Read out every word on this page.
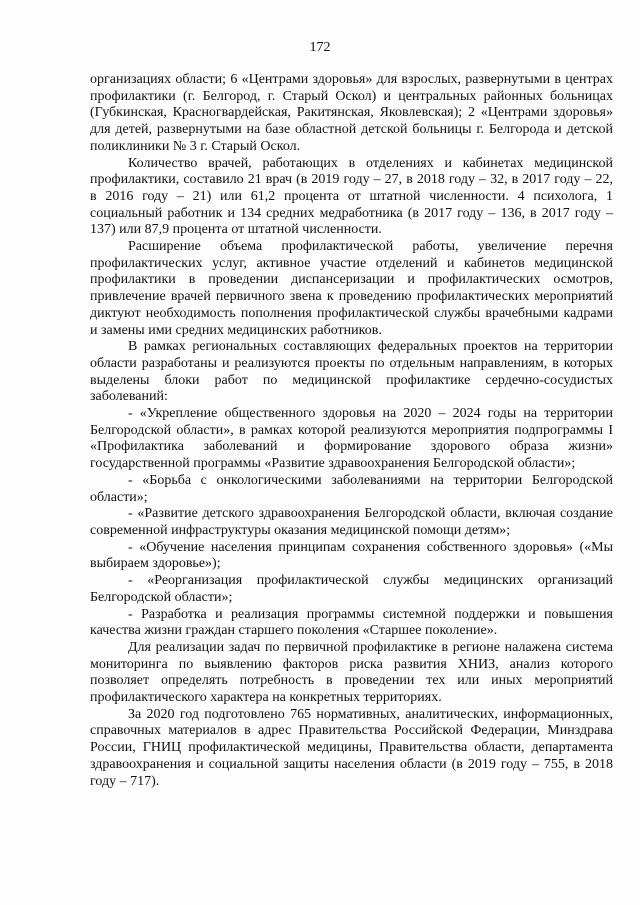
172

организациях области; 6 «Центрами здоровья» для взрослых, развернутыми в центрах профилактики (г. Белгород, г. Старый Оскол) и центральных районных больницах (Губкинская, Красногвардейская, Ракитянская, Яковлевская); 2 «Центрами здоровья» для детей, развернутыми на базе областной детской больницы г. Белгорода и детской поликлиники № 3 г. Старый Оскол.

Количество врачей, работающих в отделениях и кабинетах медицинской профилактики, составило 21 врач (в 2019 году – 27, в 2018 году – 32, в 2017 году – 22, в 2016 году – 21) или 61,2 процента от штатной численности. 4 психолога, 1 социальный работник и 134 средних медработника (в 2017 году – 136, в 2017 году – 137) или 87,9 процента от штатной численности.

Расширение объема профилактической работы, увеличение перечня профилактических услуг, активное участие отделений и кабинетов медицинской профилактики в проведении диспансеризации и профилактических осмотров, привлечение врачей первичного звена к проведению профилактических мероприятий диктуют необходимость пополнения профилактической службы врачебными кадрами и замены ими средних медицинских работников.

В рамках региональных составляющих федеральных проектов на территории области разработаны и реализуются проекты по отдельным направлениям, в которых выделены блоки работ по медицинской профилактике сердечно-сосудистых заболеваний:

- «Укрепление общественного здоровья на 2020 – 2024 годы на территории Белгородской области», в рамках которой реализуются мероприятия подпрограммы I «Профилактика заболеваний и формирование здорового образа жизни» государственной программы «Развитие здравоохранения Белгородской области»;

- «Борьба с онкологическими заболеваниями на территории Белгородской области»;

- «Развитие детского здравоохранения Белгородской области, включая создание современной инфраструктуры оказания медицинской помощи детям»;

- «Обучение населения принципам сохранения собственного здоровья» («Мы выбираем здоровье»);

- «Реорганизация профилактической службы медицинских организаций Белгородской области»;

- Разработка и реализация программы системной поддержки и повышения качества жизни граждан старшего поколения «Старшее поколение».

Для реализации задач по первичной профилактике в регионе налажена система мониторинга по выявлению факторов риска развития ХНИЗ, анализ которого позволяет определять потребность в проведении тех или иных мероприятий профилактического характера на конкретных территориях.

За 2020 год подготовлено 765 нормативных, аналитических, информационных, справочных материалов в адрес Правительства Российской Федерации, Минздрава России, ГНИЦ профилактической медицины, Правительства области, департамента здравоохранения и социальной защиты населения области (в 2019 году – 755, в 2018 году – 717).
